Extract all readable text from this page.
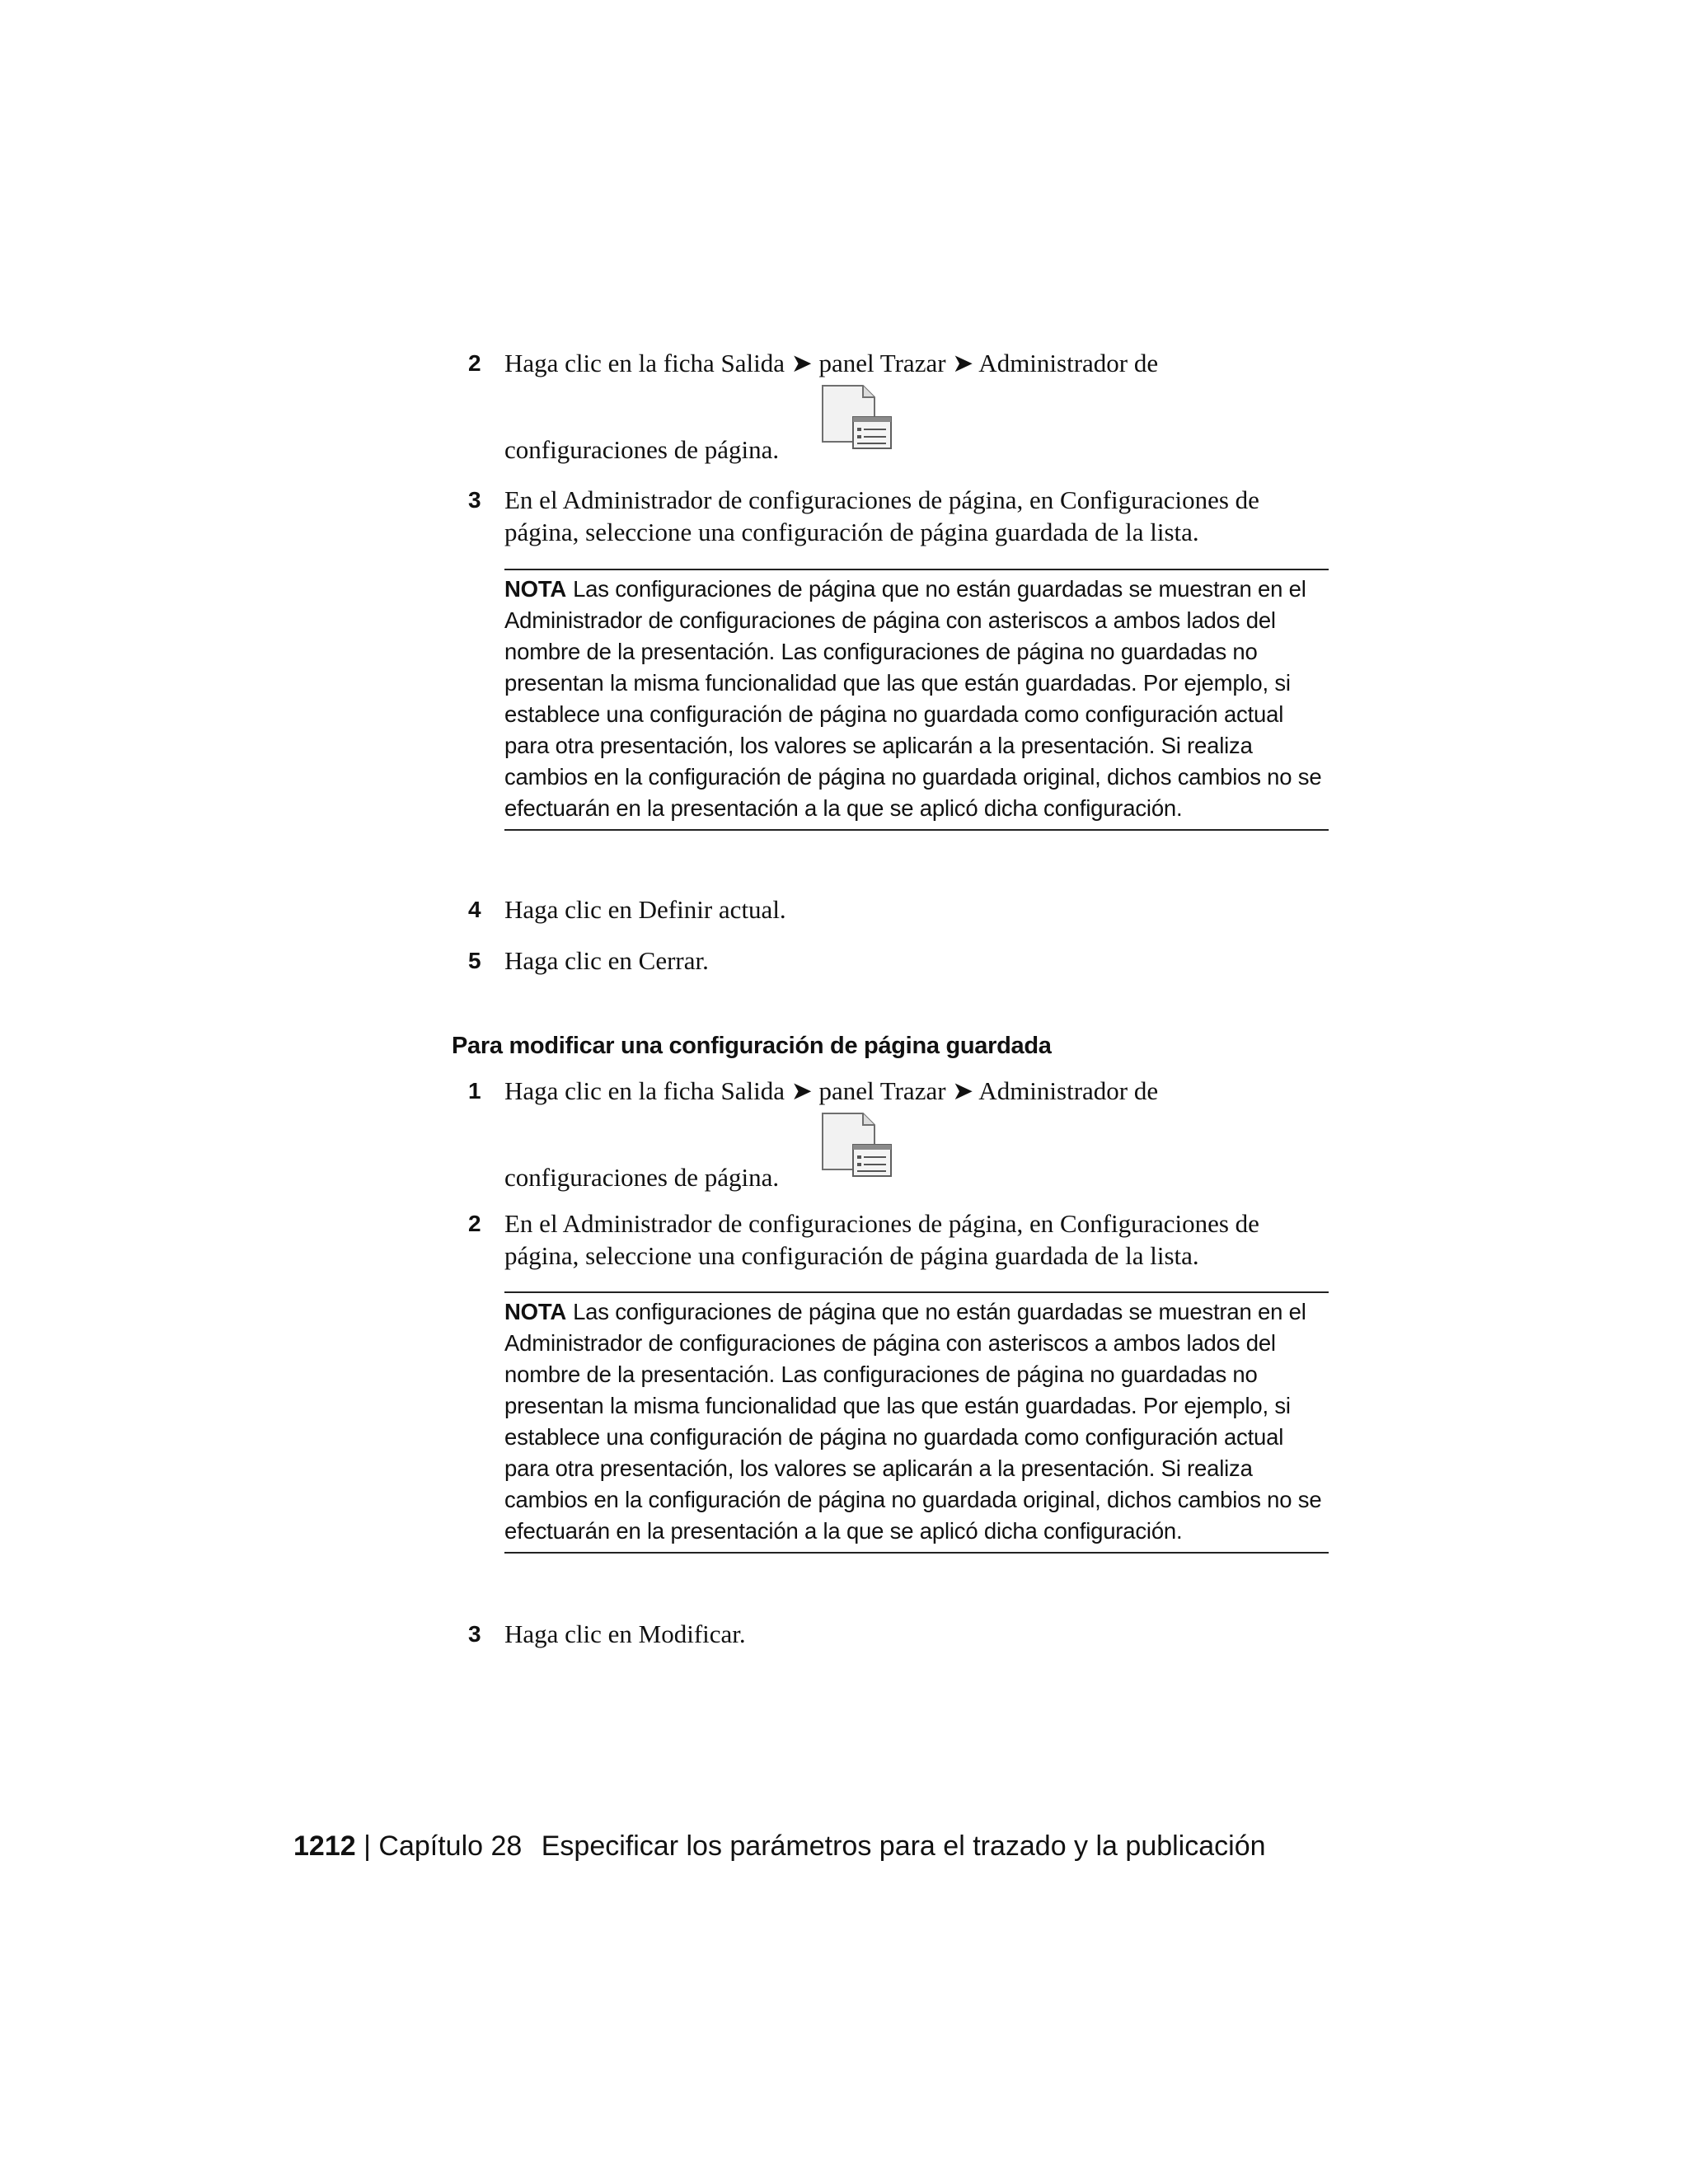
2 Haga clic en la ficha Salida ➤ panel Trazar ➤ Administrador de
configuraciones de página.
3 En el Administrador de configuraciones de página, en Configuraciones de página, seleccione una configuración de página guardada de la lista.
NOTA Las configuraciones de página que no están guardadas se muestran en el Administrador de configuraciones de página con asteriscos a ambos lados del nombre de la presentación. Las configuraciones de página no guardadas no presentan la misma funcionalidad que las que están guardadas. Por ejemplo, si establece una configuración de página no guardada como configuración actual para otra presentación, los valores se aplicarán a la presentación. Si realiza cambios en la configuración de página no guardada original, dichos cambios no se efectuarán en la presentación a la que se aplicó dicha configuración.
4 Haga clic en Definir actual.
5 Haga clic en Cerrar.
Para modificar una configuración de página guardada
1 Haga clic en la ficha Salida ➤ panel Trazar ➤ Administrador de
configuraciones de página.
2 En el Administrador de configuraciones de página, en Configuraciones de página, seleccione una configuración de página guardada de la lista.
NOTA Las configuraciones de página que no están guardadas se muestran en el Administrador de configuraciones de página con asteriscos a ambos lados del nombre de la presentación. Las configuraciones de página no guardadas no presentan la misma funcionalidad que las que están guardadas. Por ejemplo, si establece una configuración de página no guardada como configuración actual para otra presentación, los valores se aplicarán a la presentación. Si realiza cambios en la configuración de página no guardada original, dichos cambios no se efectuarán en la presentación a la que se aplicó dicha configuración.
3 Haga clic en Modificar.
1212 | Capítulo 28 Especificar los parámetros para el trazado y la publicación
